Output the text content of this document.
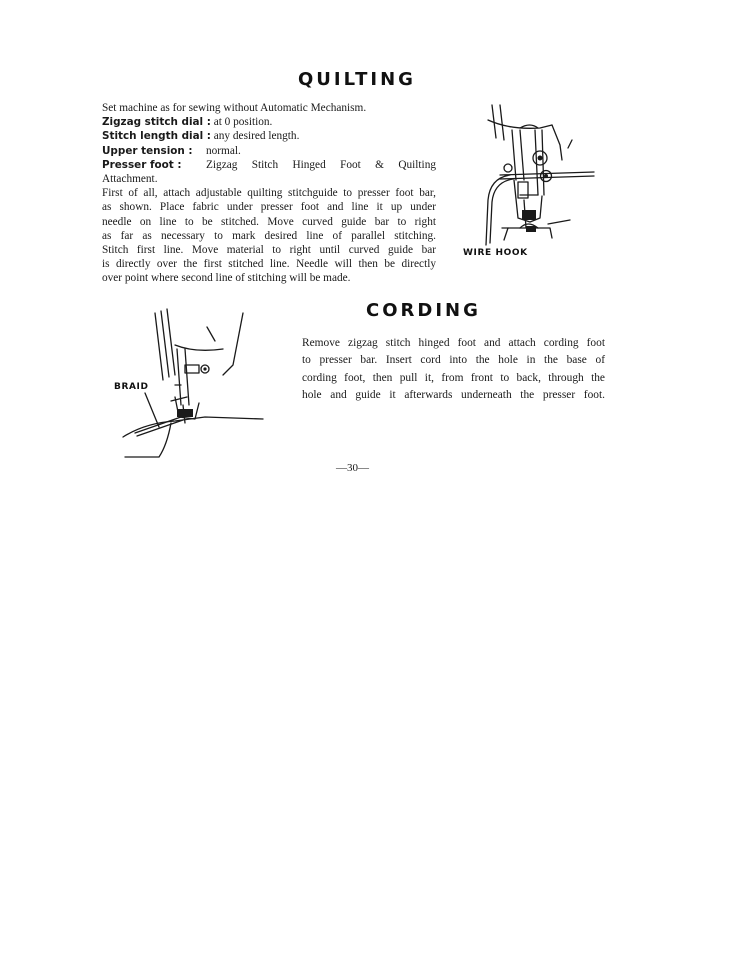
QUILTING
Set machine as for sewing without Automatic Mechanism.
Zigzag stitch dial : at 0 position.
Stitch length dial : any desired length.
Upper tension : normal.
Presser foot : Zigzag Stitch Hinged Foot & Quilting
Attachment.
First of all, attach adjustable quilting stitchguide to presser foot bar,
as shown. Place fabric under presser foot and line it up under
needle on line to be stitched. Move curved guide bar to right
as far as necessary to mark desired line of parallel stitching.
Stitch first line. Move material to right until curved guide bar
is directly over the first stitched line. Needle will then be directly
over point where second line of stitching will be made.
WIRE HOOK
CORDING
BRAID
Remove zigzag stitch hinged foot and attach cording foot
to presser bar. Insert cord into the hole in the base of
cording foot, then pull it, from front to back, through the
hole and guide it afterwards underneath the presser foot.
—30—
